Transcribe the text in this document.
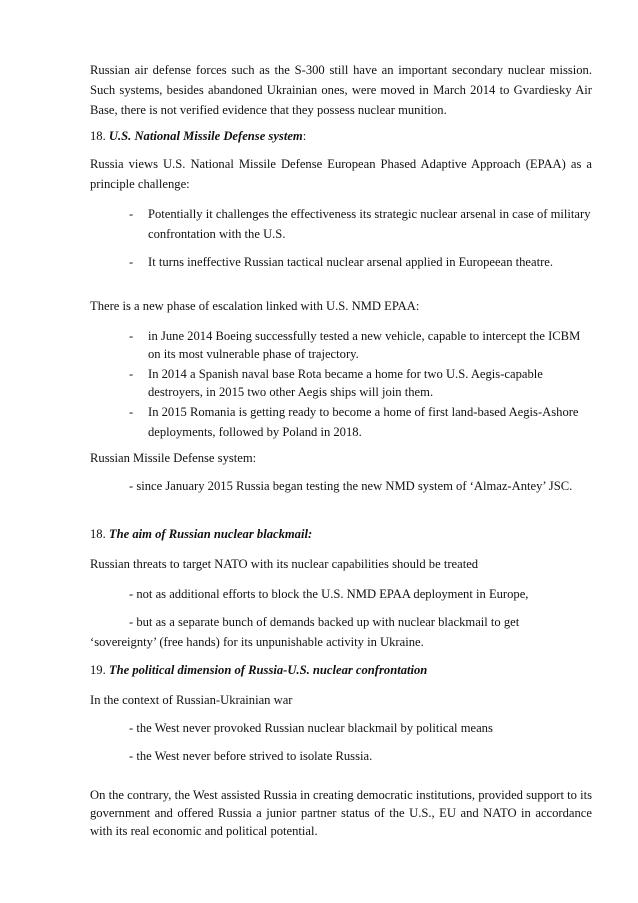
Russian air defense forces such as the S-300 still have an important secondary nuclear mission. Such systems, besides abandoned Ukrainian ones, were moved in March 2014 to Gvardiesky Air Base, there is not verified evidence that they possess nuclear munition.

18. U.S. National Missile Defense system:

Russia views U.S. National Missile Defense European Phased Adaptive Approach (EPAA) as a principle challenge:

- Potentially it challenges the effectiveness its strategic nuclear arsenal in case of military confrontation with the U.S.

- It turns ineffective Russian tactical nuclear arsenal applied in Europeean theatre.

There is a new phase of escalation linked with U.S. NMD EPAA:

- in June 2014 Boeing successfully tested a new vehicle, capable to intercept the ICBM on its most vulnerable phase of trajectory.

- In 2014 a Spanish naval base Rota became a home for two U.S. Aegis-capable destroyers, in 2015 two other Aegis ships will join them.

- In 2015 Romania is getting ready to become a home of first land-based Aegis-Ashore deployments, followed by Poland in 2018.

Russian Missile Defense system:

- since January 2015 Russia began testing the new NMD system of ‘Almaz-Antey’ JSC.

18. The aim of Russian nuclear blackmail:

Russian threats to target NATO with its nuclear capabilities should be treated

- not as additional efforts to block the U.S. NMD EPAA deployment in Europe,

- but as a separate bunch of demands backed up with nuclear blackmail to get

‘sovereignty’ (free hands) for its unpunishable activity in Ukraine.

19. The political dimension of Russia-U.S. nuclear confrontation

In the context of Russian-Ukrainian war

- the West never provoked Russian nuclear blackmail by political means

- the West never before strived to isolate Russia.

On the contrary, the West assisted Russia in creating democratic institutions, provided support to its government and offered Russia a junior partner status of the U.S., EU and NATO in accordance with its real economic and political potential.
